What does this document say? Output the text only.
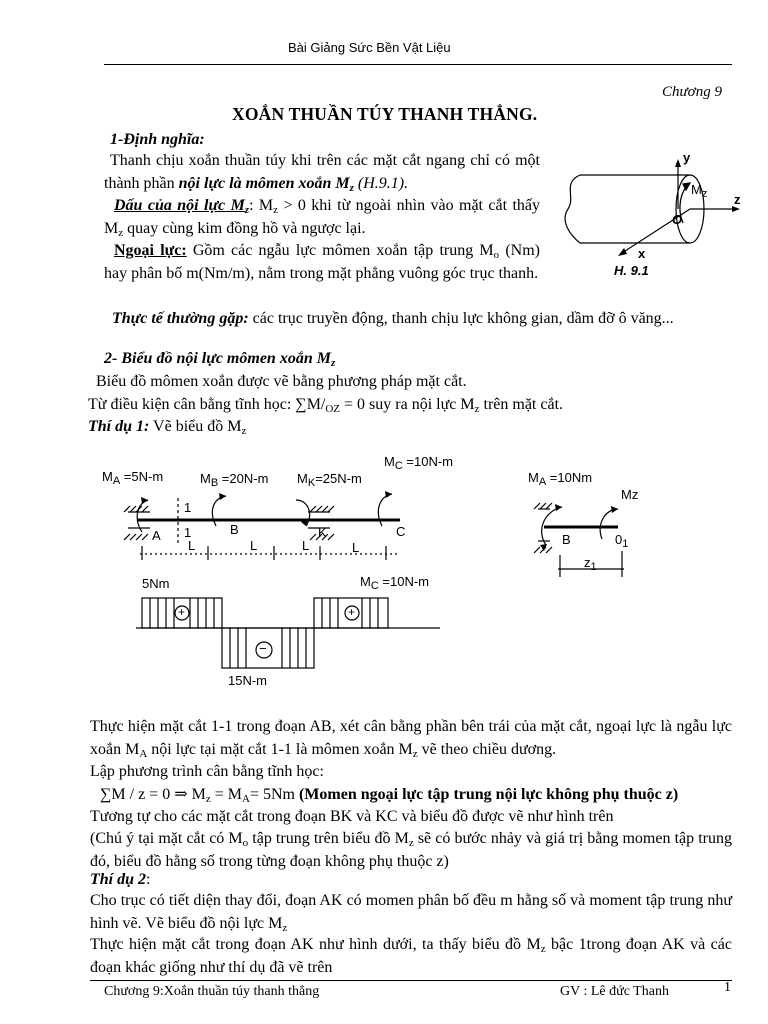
Bài Giảng Sức Bền Vật Liệu
Chương 9
XOẮN THUẦN TÚY THANH THẲNG.
1-Định nghĩa:
Thanh chịu xoắn thuần túy khi trên các mặt cắt ngang chỉ có một thành phần nội lực là mômen xoắn $M_z$ (H.9.1).
Dấu của nội lực $M_z$: $M_z > 0$ khi từ ngoài nhìn vào mặt cắt thấy $M_z$ quay cùng kim đồng hồ và ngược lại.
Ngoại lực: Gồm các ngẫu lực mômen xoắn tập trung $M_o$ (Nm) hay phân bố m(Nm/m), nằm trong mặt phẳng vuông góc trục thanh.
Thực tế thường gặp: các trục truyền động, thanh chịu lực không gian, dầm đỡ ô văng...
y
z
x
O
$M_z$
H. 9.1
2- Biểu đồ nội lực mômen xoắn $M_z$
Biểu đồ mômen xoắn được vẽ bằng phương pháp mặt cắt.
Từ điều kiện cân bằng tĩnh học: $\sum M/_{OZ} = 0$ suy ra nội lực $M_z$ trên mặt cắt.
Thí dụ 1: Vẽ biểu đồ $M_z$
$M_A =5N-m$	$M_B =20N-m$ $M_K=25N-m$
$M_C =10N-m$
1
1
A	B	K	C
L	L	L	L
5Nm	$M_C =10N-m$
15N-m
+	+
−
$M_A =10Nm$
Mz
B	$0_1$
$z_1$
Thực hiện mặt cắt 1-1 trong đoạn AB, xét cân bằng phần bên trái của mặt cắt, ngoại lực là ngẫu lực xoắn $M_A$ nội lực tại mặt cắt 1-1 là mômen xoắn $M_z$ vẽ theo chiều dương.
Lập phương trình cân bằng tĩnh học:
∑M / z = 0 ⇒ $M_z = M_A= 5Nm$ (Momen ngoại lực tập trung nội lực không phụ thuộc z)
Tương tự cho các mặt cắt trong đoạn BK và KC và biểu đồ được vẽ như hình trên
(Chú ý tại mặt cắt có $M_o$ tập trung trên biểu đồ $M_z$ sẽ có bước nhảy và giá trị bằng momen tập trung đó, biểu đồ hằng số trong từng đoạn không phụ thuộc z)
Thí dụ 2:
Cho trục có tiết diện thay đổi, đoạn AK có momen phân bố đều m hằng số và moment tập trung như hình vẽ. Vẽ biểu đồ nội lực $M_z$
Thực hiện mặt cắt trong đoạn AK như hình dưới, ta thấy biểu đồ $M_z$ bậc 1trong đoạn AK và các đoạn khác giống như thí dụ đã vẽ trên
Chương 9:Xoắn thuần túy thanh thẳng	GV : Lê đức Thanh	1
